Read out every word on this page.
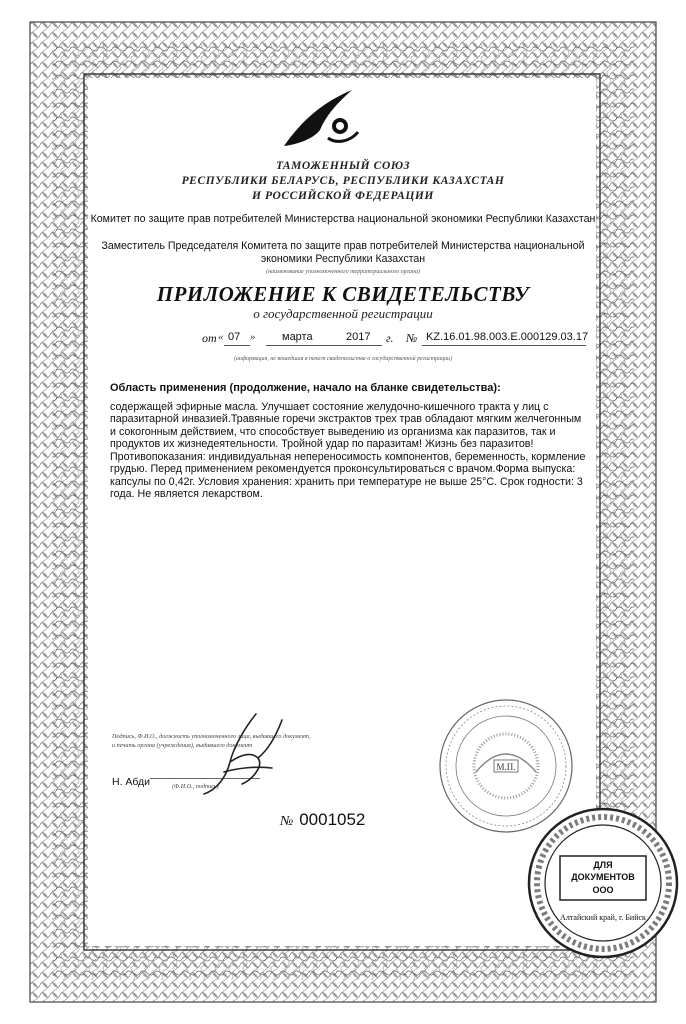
ТАМОЖЕННЫЙ СОЮЗ
РЕСПУБЛИКИ БЕЛАРУСЬ, РЕСПУБЛИКИ КАЗАХСТАН
И РОССИЙСКОЙ ФЕДЕРАЦИИ
Комитет по защите прав потребителей Министерства национальной экономики Республики Казахстан
Заместитель Председателя Комитета по защите прав потребителей Министерства национальной экономики Республики Казахстан
(наименование уполномоченного территориального органа)
ПРИЛОЖЕНИЕ К СВИДЕТЕЛЬСТВУ
о государственной регистрации
от « 07 » марта	2017 г. № KZ.16.01.98.003.E.000129.03.17
(информация, не вошедшая в текст свидетельства о государственной регистрации)
Область применения (продолжение, начало на бланке свидетельства):
содержащей эфирные масла. Улучшает состояние желудочно-кишечного тракта у лиц с паразитарной инвазией.Травяные горечи экстрактов трех трав обладают мягким желчегонным и сокогонным действием, что способствует выведению из организма как паразитов, так и продуктов их жизнедеятельности. Тройной удар по паразитам! Жизнь без паразитов! Противопоказания: индивидуальная непереносимость компонентов, беременность, кормление грудью. Перед применением рекомендуется проконсультироваться с врачом.Форма выпуска: капсулы по 0,42г. Условия хранения: хранить при температуре не выше 25°С. Срок годности: 3 года. Не является лекарством.
Подпись, Ф.И.О., должность уполномоченного лица, выдавшего документ, и печать органа (учреждения), выдавшего документ
Н. Абди	(Ф.И.О., подпись)
М.П.
ДЛЯ
ДОКУМЕНТОВ
ООО
Алтайский край, г. Бийск
№ 0001052
